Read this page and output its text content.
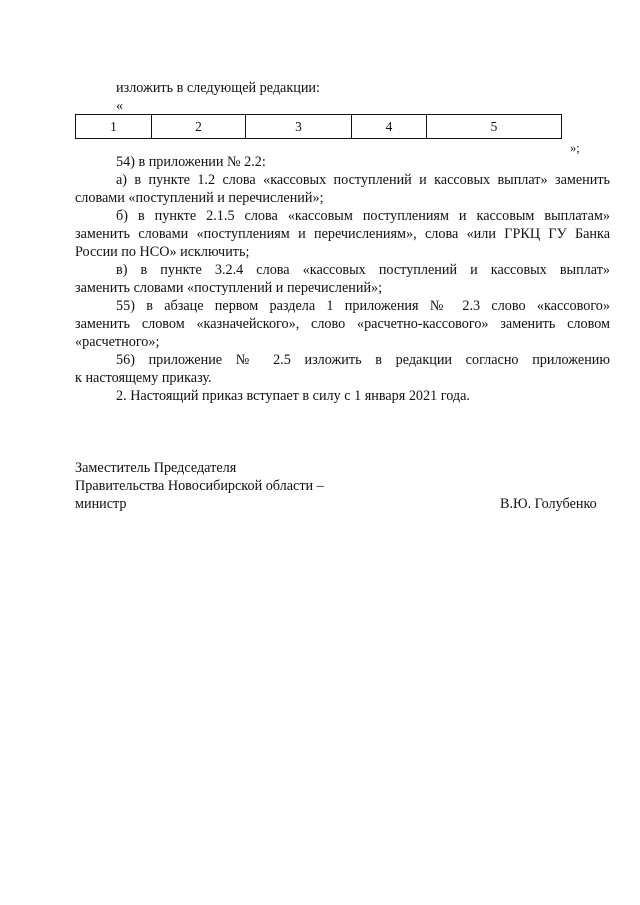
изложить в следующей редакции:
«
1	2	3	4	5
»;
54) в приложении № 2.2:
а) в пункте 1.2 слова «кассовых поступлений и кассовых выплат» заменить
словами «поступлений и перечислений»;
б) в пункте 2.1.5 слова «кассовым поступлениям и кассовым выплатам»
заменить словами «поступлениям и перечислениям», слова «или ГРКЦ ГУ Банка
России по НСО» исключить;
в) в пункте 3.2.4 слова «кассовых поступлений и кассовых выплат»
заменить словами «поступлений и перечислений»;
55) в абзаце первом раздела 1 приложения № 2.3 слово «кассового»
заменить словом «казначейского», слово «расчетно-кассового» заменить словом
«расчетного»;
56) приложение № 2.5 изложить в редакции согласно приложению
к настоящему приказу.
2. Настоящий приказ вступает в силу с 1 января 2021 года.
Заместитель Председателя
Правительства Новосибирской области –
министр	В.Ю. Голубенко
